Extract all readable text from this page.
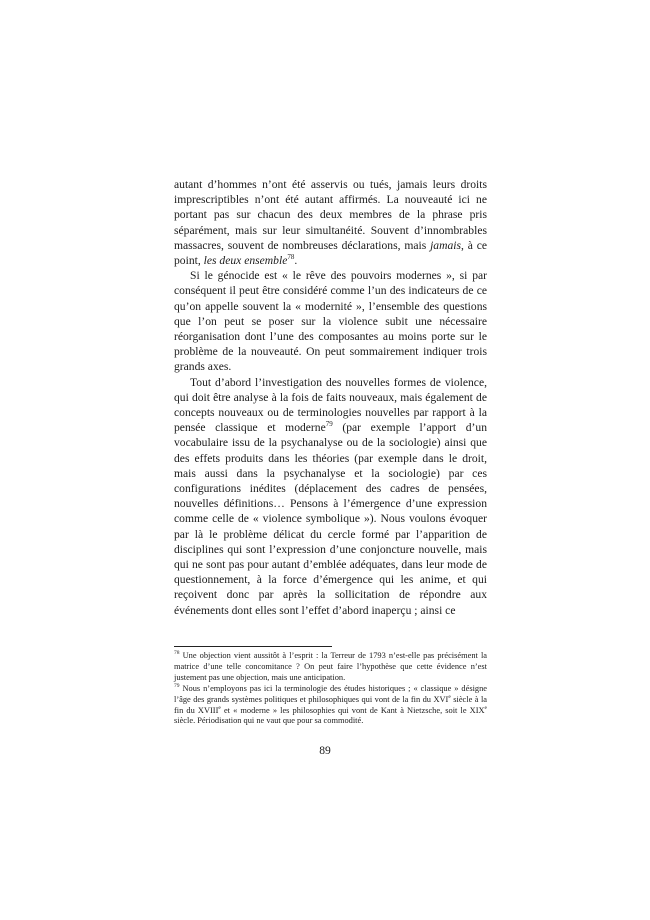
autant d’hommes n’ont été asservis ou tués, jamais leurs droits imprescriptibles n’ont été autant affirmés. La nouveauté ici ne portant pas sur chacun des deux membres de la phrase pris séparément, mais sur leur simultanéité. Souvent d’innombrables massacres, souvent de nombreuses déclarations, mais jamais, à ce point, les deux ensemble$^{78}$.

Si le génocide est « le rêve des pouvoirs modernes », si par conséquent il peut être considéré comme l’un des indicateurs de ce qu’on appelle souvent la « modernité », l’ensemble des questions que l’on peut se poser sur la violence subit une nécessaire réorganisation dont l’une des composantes au moins porte sur le problème de la nouveauté. On peut sommairement indiquer trois grands axes.

Tout d’abord l’investigation des nouvelles formes de violence, qui doit être analyse à la fois de faits nouveaux, mais également de concepts nouveaux ou de terminologies nouvelles par rapport à la pensée classique et moderne$^{79}$ (par exemple l’apport d’un vocabulaire issu de la psychanalyse ou de la sociologie) ainsi que des effets produits dans les théories (par exemple dans le droit, mais aussi dans la psychanalyse et la sociologie) par ces configurations inédites (déplacement des cadres de pensées, nouvelles définitions… Pensons à l’émergence d’une expression comme celle de « violence symbolique »). Nous voulons évoquer par là le problème délicat du cercle formé par l’apparition de disciplines qui sont l’expression d’une conjoncture nouvelle, mais qui ne sont pas pour autant d’emblée adéquates, dans leur mode de questionnement, à la force d’émergence qui les anime, et qui reçoivent donc par après la sollicitation de répondre aux événements dont elles sont l’effet d’abord inaperçu ; ainsi ce

$^{78}$ Une objection vient aussitôt à l’esprit : la Terreur de 1793 n’est-elle pas précisément la matrice d’une telle concomitance ? On peut faire l’hypothèse que cette évidence n’est justement pas une objection, mais une anticipation.

$^{79}$ Nous n’employons pas ici la terminologie des études historiques ; « classique » désigne l’âge des grands systèmes politiques et philosophiques qui vont de la fin du XVIe siècle à la fin du XVIIIe et « moderne » les philosophies qui vont de Kant à Nietzsche, soit le XIXe siècle. Périodisation qui ne vaut que pour sa commodité.

89
